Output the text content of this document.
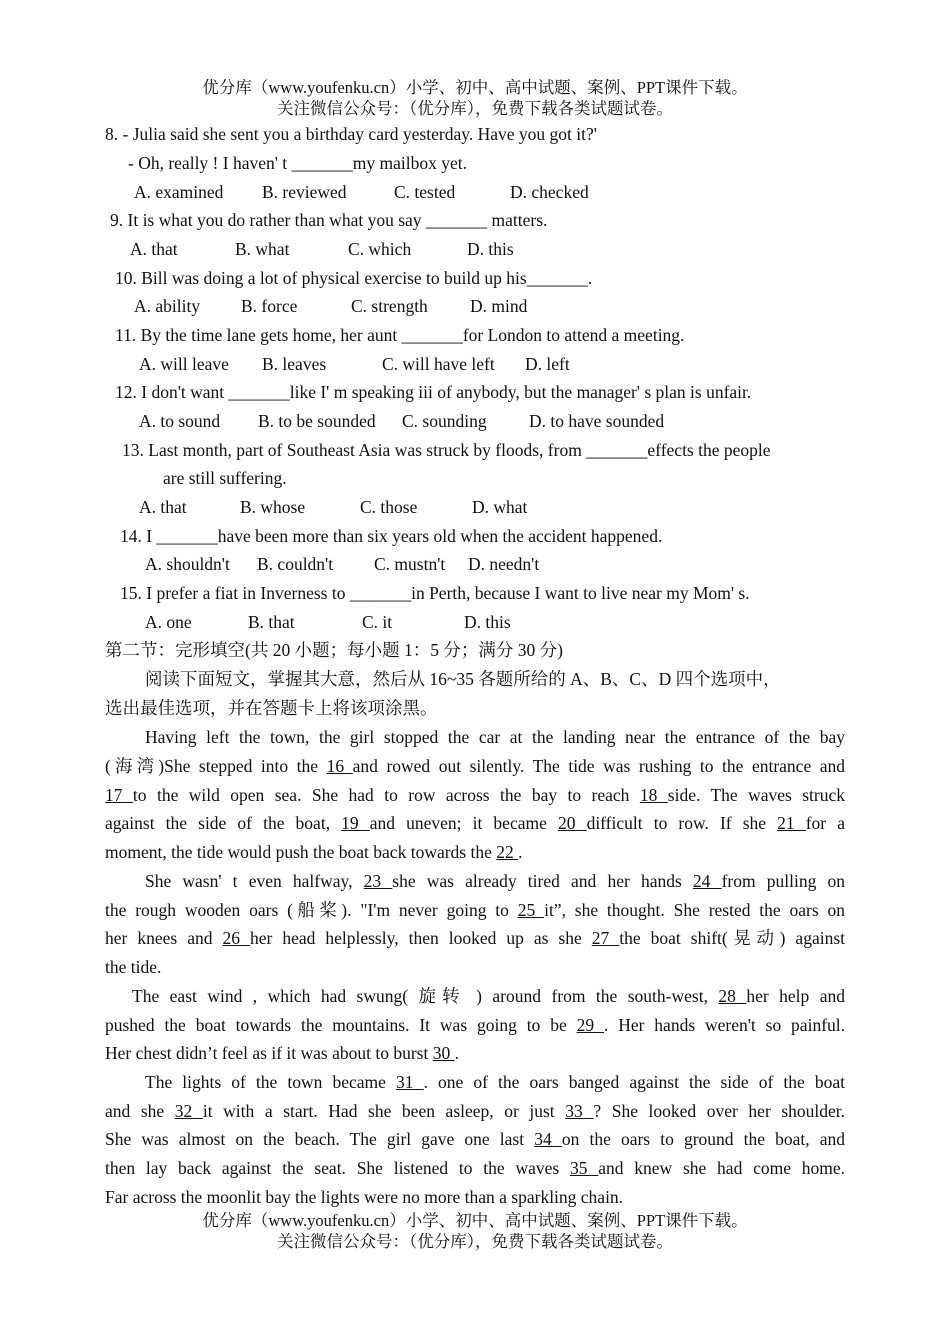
优分库（www.youfenku.cn）小学、初中、高中试题、案例、PPT课件下载。
关注微信公众号：（优分库），免费下载各类试题试卷。
8. - Julia said she sent you a birthday card yesterday. Have you got it?'
- Oh, really ! I haven' t _______my mailbox yet.
A. examined B. reviewed	C. tested	D. checked
9. It is what you do rather than what you say _______ matters.
A. that	B. what	C. which	D. this
10. Bill was doing a lot of physical exercise to build up his_______.
A. ability B. force	C. strength D. mind
11. By the time lane gets home, her aunt _______for London to attend a meeting.
A. will leave B. leaves	C. will have left D. left
12. I don't want _______like I' m speaking iii of anybody, but the manager' s plan is unfair.
A. to sound B. to be sounded C. sounding D. to have sounded
13. Last month, part of Southeast Asia was struck by floods, from _______effects the people
are still suffering.
A. that	B. whose	C. those	D. what
14. I _______have been more than six years old when the accident happened.
A. shouldn't B. couldn't C. mustn't D. needn't
15. I prefer a fiat in Inverness to _______in Perth, because I want to live near my Mom' s.
A. one	B. that	C. it	D. this
第二节：完形填空(共 20 小题；每小题 1：5 分；满分 30 分)
阅读下面短文，掌握其大意，然后从 16~35 各题所给的 A、B、C、D 四个选项中，
选出最佳选项，并在答题卡上将该项涂黑。
Having left the town, the girl stopped the car at the landing near the entrance of the bay
(海湾)She stepped into the 16 and rowed out silently. The tide was rushing to the entrance and
17 to the wild open sea. She had to row across the bay to reach 18 side. The waves struck
against the side of the boat, 19 and uneven; it became 20 difficult to row. If she 21 for a
moment, the tide would push the boat back towards the 22 .
She wasn' t even halfway, 23 she was already tired and her hands 24 from pulling on
the rough wooden oars (船桨). "I'm never going to 25 it”, she thought. She rested the oars on
her knees and 26 her head helplessly, then looked up as she 27 the boat shift(晃动) against
the tide.
The east wind , which had swung( 旋转 ) around from the south-west, 28 her help and
pushed the boat towards the mountains. It was going to be 29 . Her hands weren't so painful.
Her chest didn’t feel as if it was about to burst 30 .
The lights of the town became 31 . one of the oars banged against the side of the boat
and she 32 it with a start. Had she been asleep, or just 33 ? She looked over her shoulder.
She was almost on the beach. The girl gave one last 34 on the oars to ground the boat, and
then lay back against the seat. She listened to the waves 35 and knew she had come home.
Far across the moonlit bay the lights were no more than a sparkling chain.
优分库（www.youfenku.cn）小学、初中、高中试题、案例、PPT课件下载。
关注微信公众号：（优分库），免费下载各类试题试卷。
